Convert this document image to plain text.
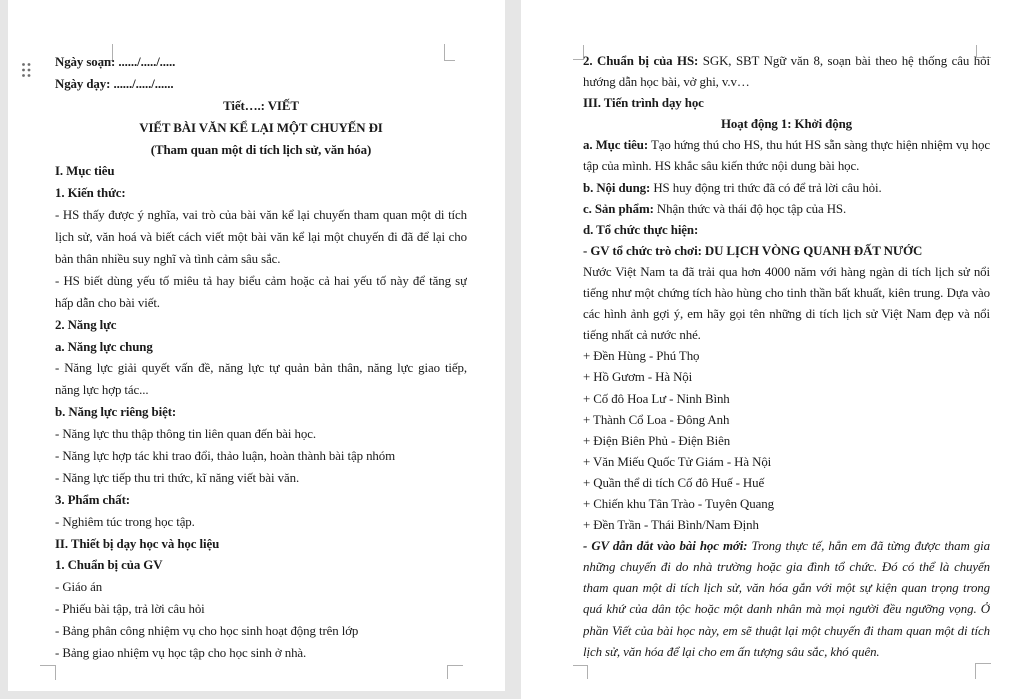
Ngày soạn: ....../...../.....
Ngày dạy: ....../...../......
Tiết….: VIẾT
VIẾT BÀI VĂN KỂ LẠI MỘT CHUYẾN ĐI
(Tham quan một di tích lịch sử, văn hóa)
I. Mục tiêu
1. Kiến thức:
- HS thấy được ý nghĩa, vai trò của bài văn kể lại chuyến tham quan một di tích
lịch sử, văn hoá và biết cách viết một bài văn kể lại một chuyến đi đã để lại cho
bản thân nhiều suy nghĩ và tình cảm sâu sắc.
- HS biết dùng yếu tố miêu tả hay biểu cảm hoặc cả hai yếu tố này để tăng sự
hấp dẫn cho bài viết.
2. Năng lực
a. Năng lực chung
- Năng lực giải quyết vấn đề, năng lực tự quản bản thân, năng lực giao tiếp,
năng lực hợp tác...
b. Năng lực riêng biệt:
- Năng lực thu thập thông tin liên quan đến bài học.
- Năng lực hợp tác khi trao đổi, thảo luận, hoàn thành bài tập nhóm
- Năng lực tiếp thu tri thức, kĩ năng viết bài văn.
3. Phẩm chất:
- Nghiêm túc trong học tập.
II. Thiết bị dạy học và học liệu
1. Chuẩn bị của GV
- Giáo án
- Phiếu bài tập, trả lời câu hỏi
- Bảng phân công nhiệm vụ cho học sinh hoạt động trên lớp
- Bảng giao nhiệm vụ học tập cho học sinh ở nhà.
2. Chuẩn bị của HS: SGK, SBT Ngữ văn 8, soạn bài theo hệ thống câu hỏi
hướng dẫn học bài, vở ghi, v.v…
III. Tiến trình dạy học
Hoạt động 1: Khởi động
a. Mục tiêu: Tạo hứng thú cho HS, thu hút HS sẵn sàng thực hiện nhiệm vụ học
tập của mình. HS khắc sâu kiến thức nội dung bài học.
b. Nội dung: HS huy động tri thức đã có để trả lời câu hỏi.
c. Sản phẩm: Nhận thức và thái độ học tập của HS.
d. Tổ chức thực hiện:
- GV tổ chức trò chơi: DU LỊCH VÒNG QUANH ĐẤT NƯỚC
Nước Việt Nam ta đã trải qua hơn 4000 năm với hàng ngàn di tích lịch sử nổi
tiếng như một chứng tích hào hùng cho tinh thần bất khuất, kiên trung. Dựa vào
các hình ảnh gợi ý, em hãy gọi tên những di tích lịch sử Việt Nam đẹp và nổi
tiếng nhất cả nước nhé.
+ Đền Hùng - Phú Thọ
+ Hồ Gươm - Hà Nội
+ Cố đô Hoa Lư - Ninh Bình
+ Thành Cổ Loa - Đông Anh
+ Điện Biên Phủ - Điện Biên
+ Văn Miếu Quốc Tử Giám - Hà Nội
+ Quần thể di tích Cố đô Huế - Huế
+ Chiến khu Tân Trào - Tuyên Quang
+ Đền Trần - Thái Bình/Nam Định
- GV dẫn dắt vào bài học mới: Trong thực tế, hẳn em đã từng được tham gia
những chuyến đi do nhà trường hoặc gia đình tổ chức. Đó có thể là chuyến
tham quan một di tích lịch sử, văn hóa gắn với một sự kiện quan trọng trong
quá khứ của dân tộc hoặc một danh nhân mà mọi người đều ngưỡng vọng. Ở
phần Viết của bài học này, em sẽ thuật lại một chuyến đi tham quan một di tích
lịch sử, văn hóa để lại cho em ấn tượng sâu sắc, khó quên.
